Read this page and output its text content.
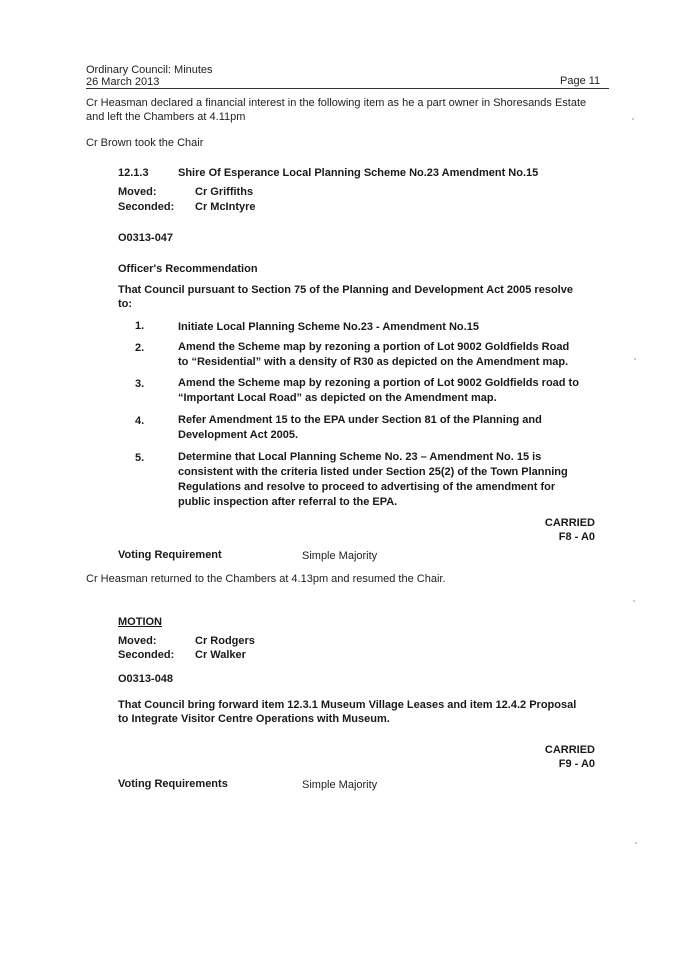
Ordinary Council: Minutes
26 March 2013	Page 11
Cr Heasman declared a financial interest in the following item as he a part owner in Shoresands Estate
and left the Chambers at 4.11pm
Cr Brown took the Chair
12.1.3	Shire Of Esperance Local Planning Scheme No.23 Amendment No.15
Moved:	Cr Griffiths
Seconded: Cr McIntyre
O0313-047
Officer's Recommendation
That Council pursuant to Section 75 of the Planning and Development Act 2005 resolve
to:
1.	Initiate Local Planning Scheme No.23 - Amendment No.15
2.	Amend the Scheme map by rezoning a portion of Lot 9002 Goldfields Road
to “Residential” with a density of R30 as depicted on the Amendment map.
3.	Amend the Scheme map by rezoning a portion of Lot 9002 Goldfields road to
“Important Local Road” as depicted on the Amendment map.
4.	Refer Amendment 15 to the EPA under Section 81 of the Planning and
Development Act 2005.
5.	Determine that Local Planning Scheme No. 23 – Amendment No. 15 is
consistent with the criteria listed under Section 25(2) of the Town Planning
Regulations and resolve to proceed to advertising of the amendment for
public inspection after referral to the EPA.
CARRIED
F8 - A0
Voting Requirement	Simple Majority
Cr Heasman returned to the Chambers at 4.13pm and resumed the Chair.
MOTION
Moved:	Cr Rodgers
Seconded: Cr Walker
O0313-048
That Council bring forward item 12.3.1 Museum Village Leases and item 12.4.2 Proposal
to Integrate Visitor Centre Operations with Museum.
CARRIED
F9 - A0
Voting Requirements	Simple Majority
